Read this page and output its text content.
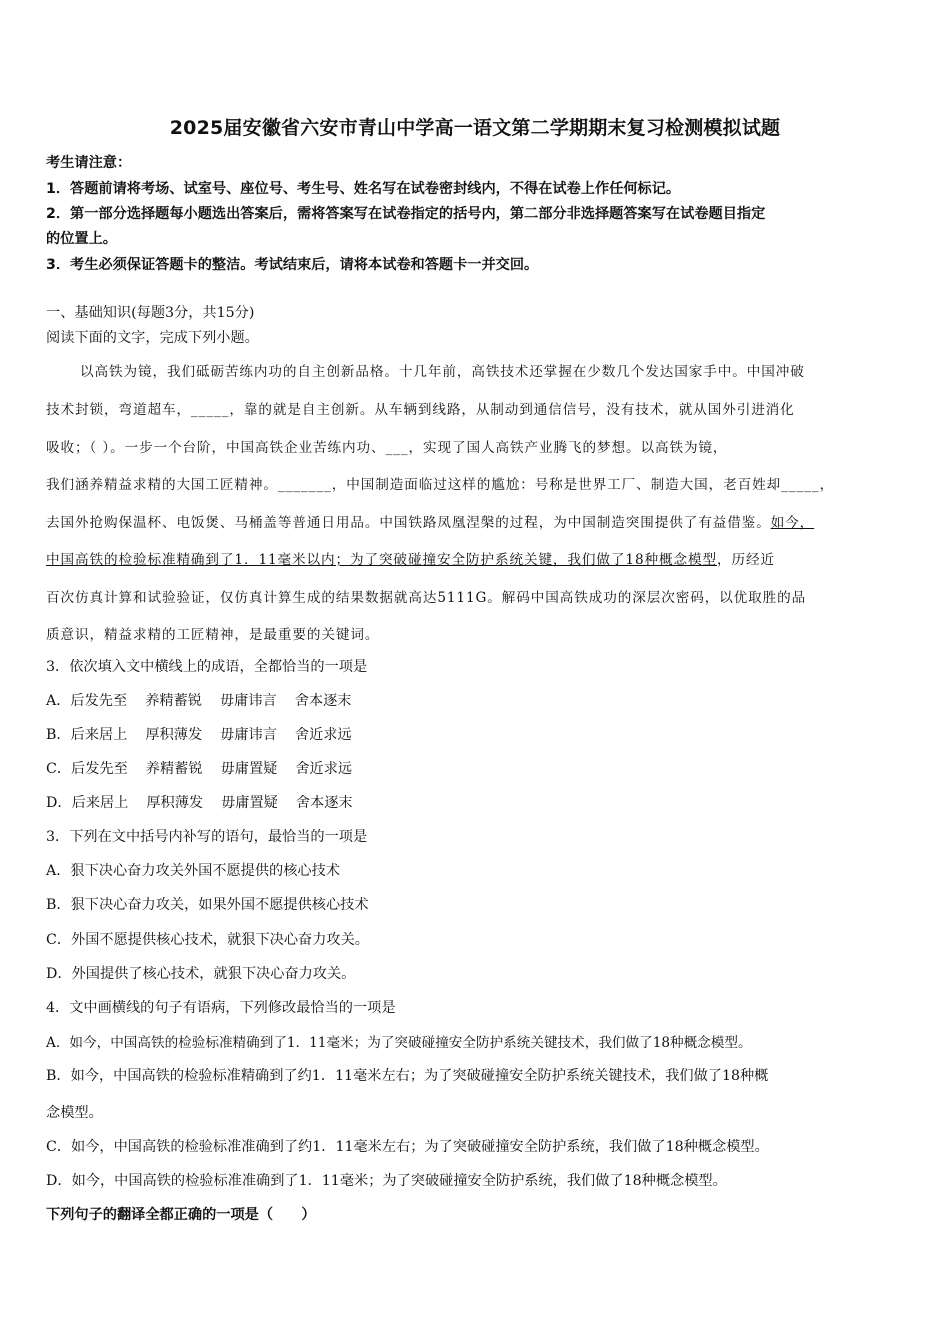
2025届安徽省六安市青山中学高一语文第二学期期末复习检测模拟试题
考生请注意：
1．答题前请将考场、试室号、座位号、考生号、姓名写在试卷密封线内，不得在试卷上作任何标记。
2．第一部分选择题每小题选出答案后，需将答案写在试卷指定的括号内，第二部分非选择题答案写在试卷题目指定
的位置上。
3．考生必须保证答题卡的整洁。考试结束后，请将本试卷和答题卡一并交回。
一、基础知识(每题3分，共15分)
阅读下面的文字，完成下列小题。
以高铁为镜，我们砥砺苦练内功的自主创新品格。十几年前，高铁技术还掌握在少数几个发达国家手中。中国冲破
技术封锁，弯道超车，_____，靠的就是自主创新。从车辆到线路，从制动到通信信号，没有技术，就从国外引进消化
吸收；（ ）。一步一个台阶，中国高铁企业苦练内功、___，实现了国人高铁产业腾飞的梦想。以高铁为镜，
我们涵养精益求精的大国工匠精神。_______，中国制造面临过这样的尴尬：号称是世界工厂、制造大国，老百姓却_____，
去国外抢购保温杯、电饭煲、马桶盖等普通日用品。中国铁路凤凰涅槃的过程，为中国制造突围提供了有益借鉴。如今，
中国高铁的检验标准精确到了1．11毫米以内；为了突破碰撞安全防护系统关键，我们做了18种概念模型，历经近
百次仿真计算和试验验证，仅仿真计算生成的结果数据就高达5111G。解码中国高铁成功的深层次密码，以优取胜的品
质意识，精益求精的工匠精神，是最重要的关键词。
3．依次填入文中横线上的成语，全都恰当的一项是
A．后发先至 养精蓄锐 毋庸讳言 舍本逐末
B．后来居上 厚积薄发 毋庸讳言 舍近求远
C．后发先至 养精蓄锐 毋庸置疑 舍近求远
D．后来居上 厚积薄发 毋庸置疑 舍本逐末
3．下列在文中括号内补写的语句，最恰当的一项是
A．狠下决心奋力攻关外国不愿提供的核心技术
B．狠下决心奋力攻关，如果外国不愿提供核心技术
C．外国不愿提供核心技术，就狠下决心奋力攻关。
D．外国提供了核心技术，就狠下决心奋力攻关。
4．文中画横线的句子有语病，下列修改最恰当的一项是
A．如今，中国高铁的检验标准精确到了1．11毫米；为了突破碰撞安全防护系统关键技术，我们做了18种概念模型。
B．如今，中国高铁的检验标准精确到了约1．11毫米左右；为了突破碰撞安全防护系统关键技术，我们做了18种概
念模型。
C．如今，中国高铁的检验标准准确到了约1．11毫米左右；为了突破碰撞安全防护系统，我们做了18种概念模型。
D．如今，中国高铁的检验标准准确到了1．11毫米；为了突破碰撞安全防护系统，我们做了18种概念模型。
下列句子的翻译全都正确的一项是（　　）
